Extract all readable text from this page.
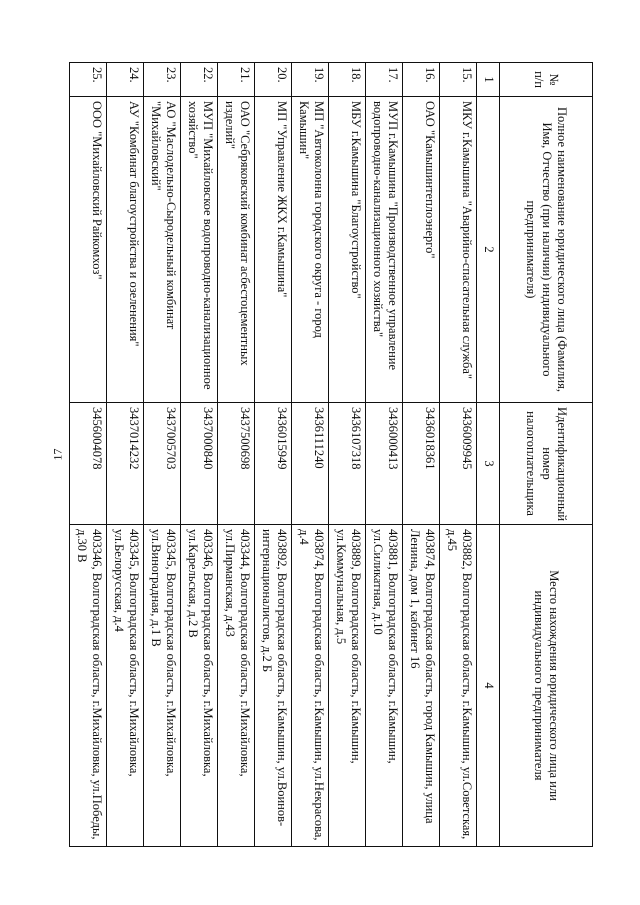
17
№ п/п	Полное наименование юридического лица (Фамилия, Имя, Отчество (при наличии) индивидуального предпринимателя)	Идентификационный номер налогоплательщика	Место нахождения юридического лица или индивидуального предпринимателя
1	2	3	4
15.	МКУ г.Камышина "Аварийно-спасательная служба"	3436009945	403882, Волгоградская область, г.Камышин, ул.Советская, д.45
16.	ОАО "Камышинтеплоэнерго"	3436018361	403874, Волгоградская область, город Камышин, улица Ленина, дом 1, кабинет 16
17.	МУП г.Камышина "Производственное управление водопроводно-канализационного хозяйства"	3436000413	403881, Волгоградская область, г.Камышин, ул.Силикатная, д.10
18.	МБУ г.Камышина "Благоустройство"	3436107318	403889, Волгоградская область, г.Камышин, ул.Коммунальная, д.5
19.	МП "Автоколонна городского округа - город Камышин"	3436111240	403874, Волгоградская область, г.Камышин, ул.Некрасова, д.4
20.	МП "Управление ЖКХ г.Камышина"	3436015949	403892, Волгоградская область, г.Камышин, ул.Воинов-интернационалистов, д.2 Б
21.	ОАО "Себряковский комбинат асбестоцементных изделий"	3437500698	403344, Волгоградская область, г.Михайловка, ул.Пирманская, д.43
22.	МУП "Михайловское водопроводно-канализационное хозяйство"	3437000840	403346, Волгоградская область, г.Михайловка, ул.Карельская, д.2 В
23.	АО "Маслодельно-Сыродельный комбинат "Михайловский"	3437005703	403345, Волгоградская область, г.Михайловка, ул.Виноградная, д.1 В
24.	АУ "Комбинат благоустройства и озеленения"	3437014232	403345, Волгоградская область, г.Михайловка, ул.Белорусская, д.4
25.	ООО "Михайловский Райкомхоз"	3456004078	403346, Волгоградская область, г.Михайловка, ул.Победы, д.30 В
